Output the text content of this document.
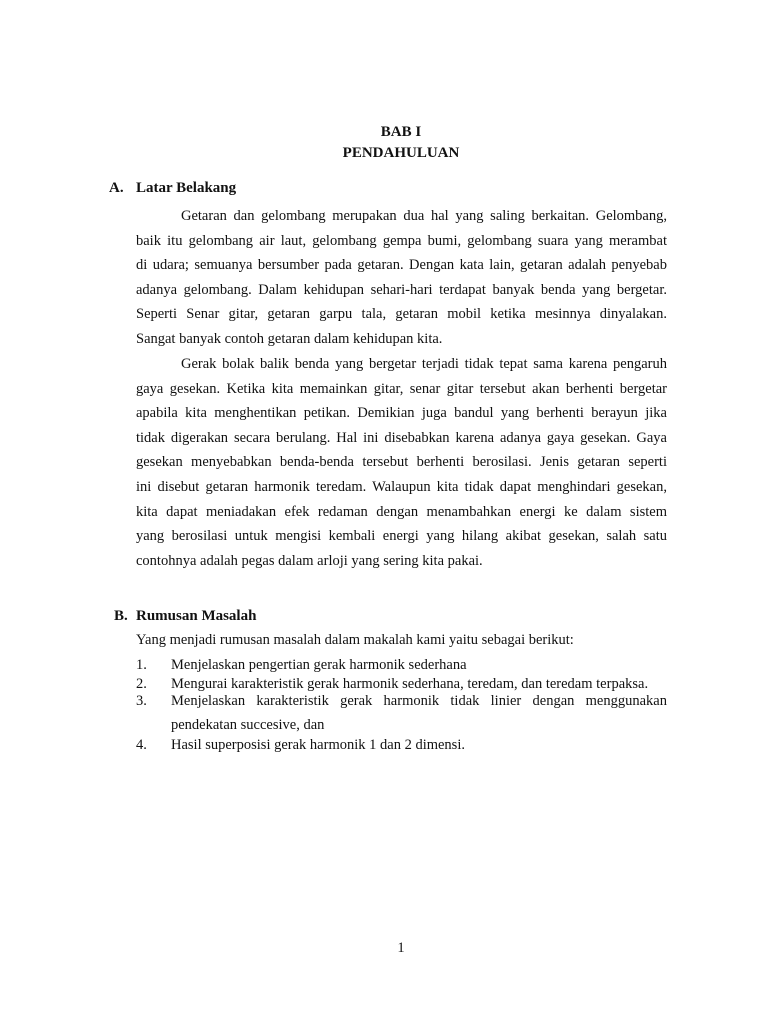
BAB I
PENDAHULUAN
A. Latar Belakang
Getaran dan gelombang merupakan dua hal yang saling berkaitan. Gelombang,
baik itu gelombang air laut, gelombang gempa bumi, gelombang suara yang merambat
di udara; semuanya bersumber pada getaran. Dengan kata lain, getaran adalah penyebab
adanya gelombang. Dalam kehidupan sehari-hari terdapat banyak benda yang bergetar.
Seperti Senar gitar, getaran garpu tala, getaran mobil ketika mesinnya dinyalakan.
Sangat banyak contoh getaran dalam kehidupan kita.
Gerak bolak balik benda yang bergetar terjadi tidak tepat sama karena pengaruh
gaya gesekan. Ketika kita memainkan gitar, senar gitar tersebut akan berhenti bergetar
apabila kita menghentikan petikan. Demikian juga bandul yang berhenti berayun jika
tidak digerakan secara berulang. Hal ini disebabkan karena adanya gaya gesekan. Gaya
gesekan menyebabkan benda-benda tersebut berhenti berosilasi. Jenis getaran seperti
ini disebut getaran harmonik teredam. Walaupun kita tidak dapat menghindari gesekan,
kita dapat meniadakan efek redaman dengan menambahkan energi ke dalam sistem
yang berosilasi untuk mengisi kembali energi yang hilang akibat gesekan, salah satu
contohnya adalah pegas dalam arloji yang sering kita pakai.
B. Rumusan Masalah
Yang menjadi rumusan masalah dalam makalah kami yaitu sebagai berikut:
1. Menjelaskan pengertian gerak harmonik sederhana
2. Mengurai karakteristik gerak harmonik sederhana, teredam, dan teredam terpaksa.
3. Menjelaskan karakteristik gerak harmonik tidak linier dengan menggunakan
pendekatan succesive, dan
4. Hasil superposisi gerak harmonik 1 dan 2 dimensi.
1
